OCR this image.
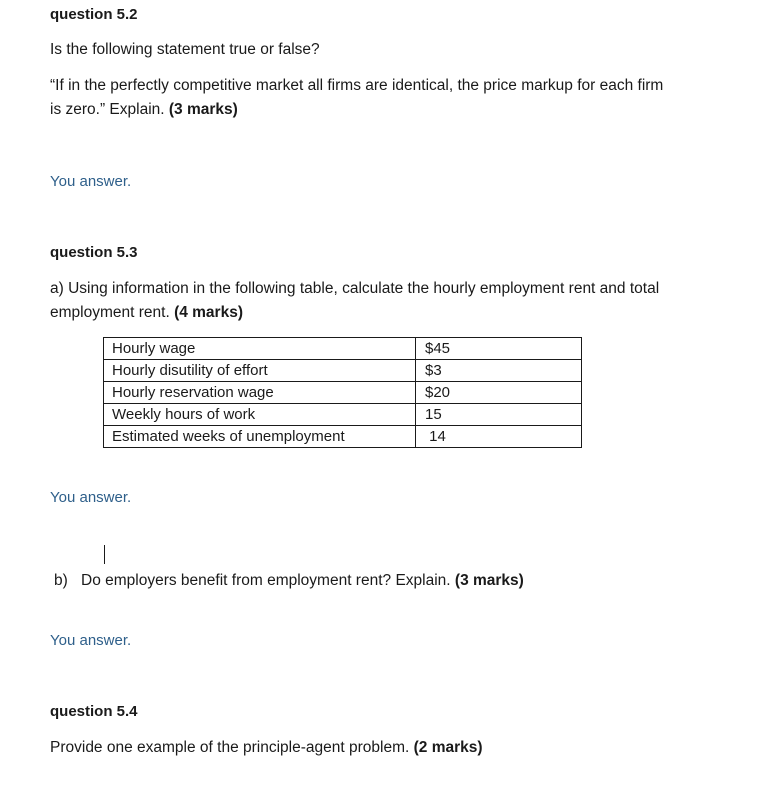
question 5.2
Is the following statement true or false?
“If in the perfectly competitive market all firms are identical, the price markup for each firm
is zero.” Explain. (3 marks)
You answer.
question 5.3
a) Using information in the following table, calculate the hourly employment rent and total
employment rent. (4 marks)
Hourly wage	$45
Hourly disutility of effort	$3
Hourly reservation wage	$20
Weekly hours of work	15
Estimated weeks of unemployment	14
You answer.
b) Do employers benefit from employment rent? Explain. (3 marks)
You answer.
question 5.4
Provide one example of the principle-agent problem. (2 marks)
